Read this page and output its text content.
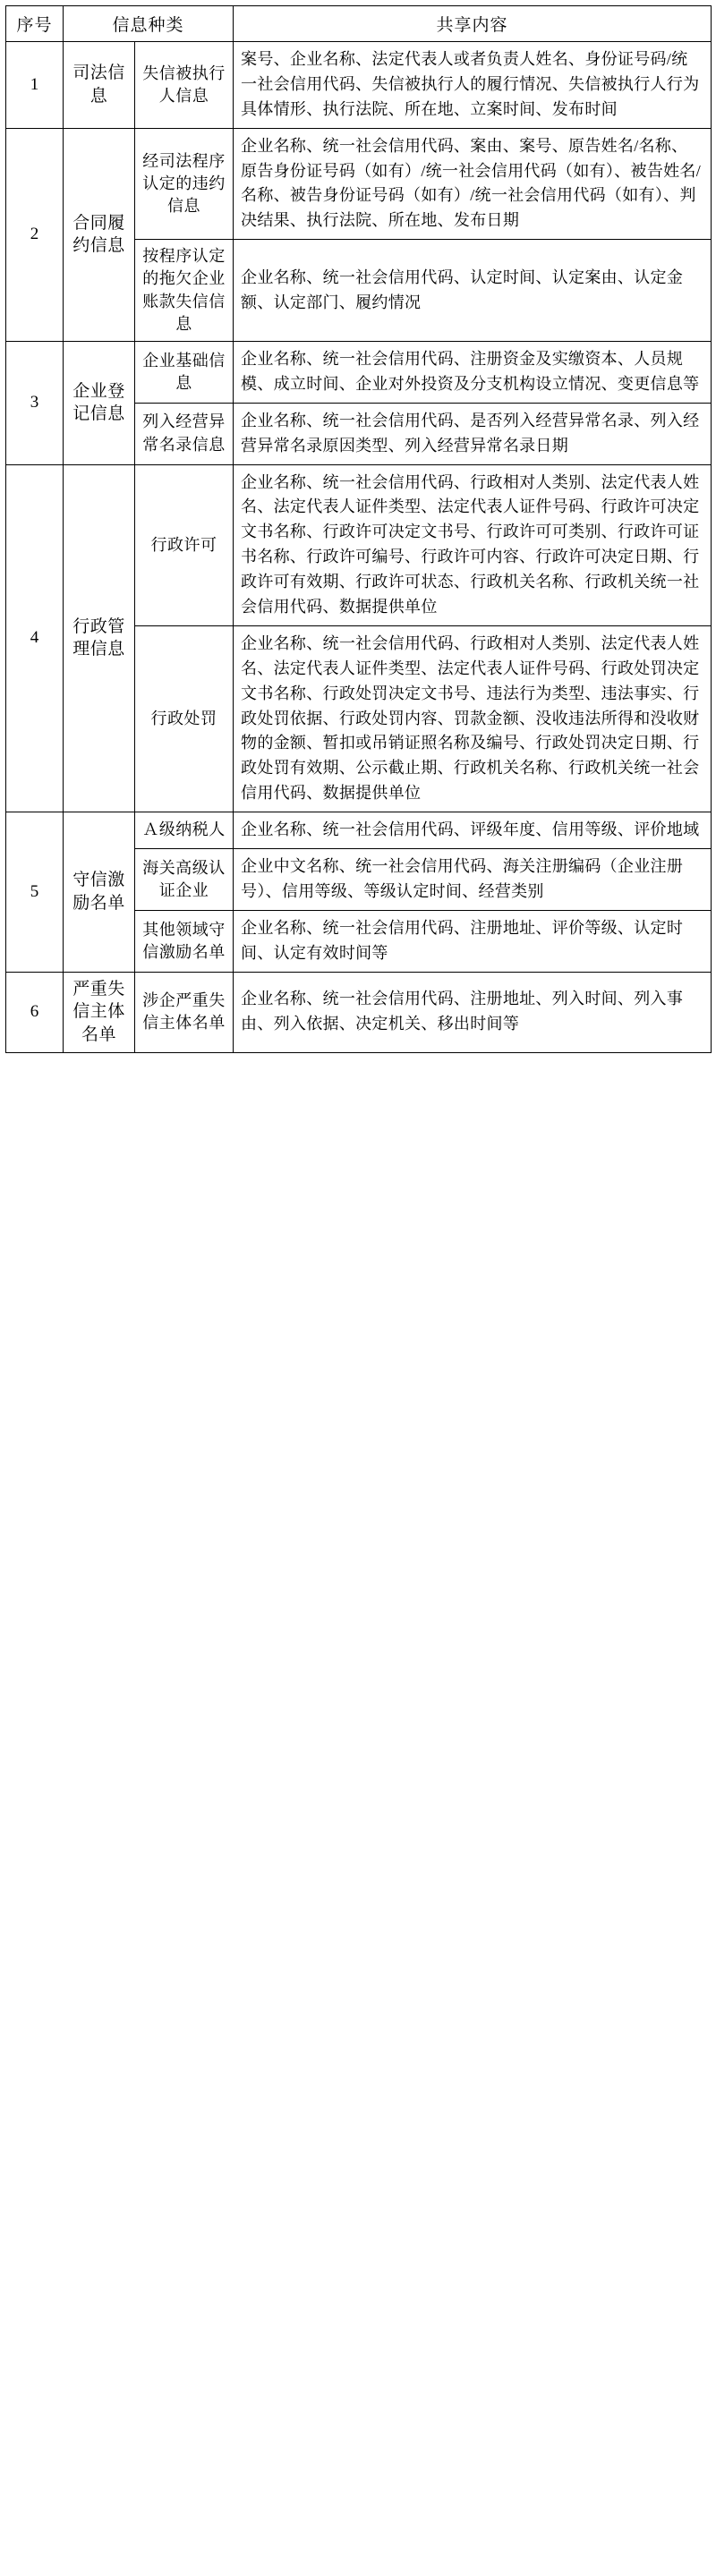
序号	信息种类		共享内容
1	司法信息	失信被执行人信息	案号、企业名称、法定代表人或者负责人姓名、身份证号码/统一社会信用代码、失信被执行人的履行情况、失信被执行人行为具体情形、执行法院、所在地、立案时间、发布时间
2	合同履约信息	经司法程序认定的违约信息	企业名称、统一社会信用代码、案由、案号、原告姓名/名称、原告身份证号码（如有）/统一社会信用代码（如有）、被告姓名/名称、被告身份证号码（如有）/统一社会信用代码（如有）、判决结果、执行法院、所在地、发布日期
		按程序认定的拖欠企业账款失信信息	企业名称、统一社会信用代码、认定时间、认定案由、认定金额、认定部门、履约情况
3	企业登记信息	企业基础信息	企业名称、统一社会信用代码、注册资金及实缴资本、人员规模、成立时间、企业对外投资及分支机构设立情况、变更信息等
		列入经营异常名录信息	企业名称、统一社会信用代码、是否列入经营异常名录、列入经营异常名录原因类型、列入经营异常名录日期
4	行政管理信息	行政许可	企业名称、统一社会信用代码、行政相对人类别、法定代表人姓名、法定代表人证件类型、法定代表人证件号码、行政许可决定文书名称、行政许可决定文书号、行政许可可类别、行政许可证书名称、行政许可编号、行政许可内容、行政许可决定日期、行政许可有效期、行政许可状态、行政机关名称、行政机关统一社会信用代码、数据提供单位
		行政处罚	企业名称、统一社会信用代码、行政相对人类别、法定代表人姓名、法定代表人证件类型、法定代表人证件号码、行政处罚决定文书名称、行政处罚决定文书号、违法行为类型、违法事实、行政处罚依据、行政处罚内容、罚款金额、没收违法所得和没收财物的金额、暂扣或吊销证照名称及编号、行政处罚决定日期、行政处罚有效期、公示截止期、行政机关名称、行政机关统一社会信用代码、数据提供单位
5	守信激励名单	Ａ级纳税人	企业名称、统一社会信用代码、评级年度、信用等级、评价地域
		海关高级认证企业	企业中文名称、统一社会信用代码、海关注册编码（企业注册号）、信用等级、等级认定时间、经营类别
		其他领域守信激励名单	企业名称、统一社会信用代码、注册地址、评价等级、认定时间、认定有效时间等
6	严重失信主体名单	涉企严重失信主体名单	企业名称、统一社会信用代码、注册地址、列入时间、列入事由、列入依据、决定机关、移出时间等
